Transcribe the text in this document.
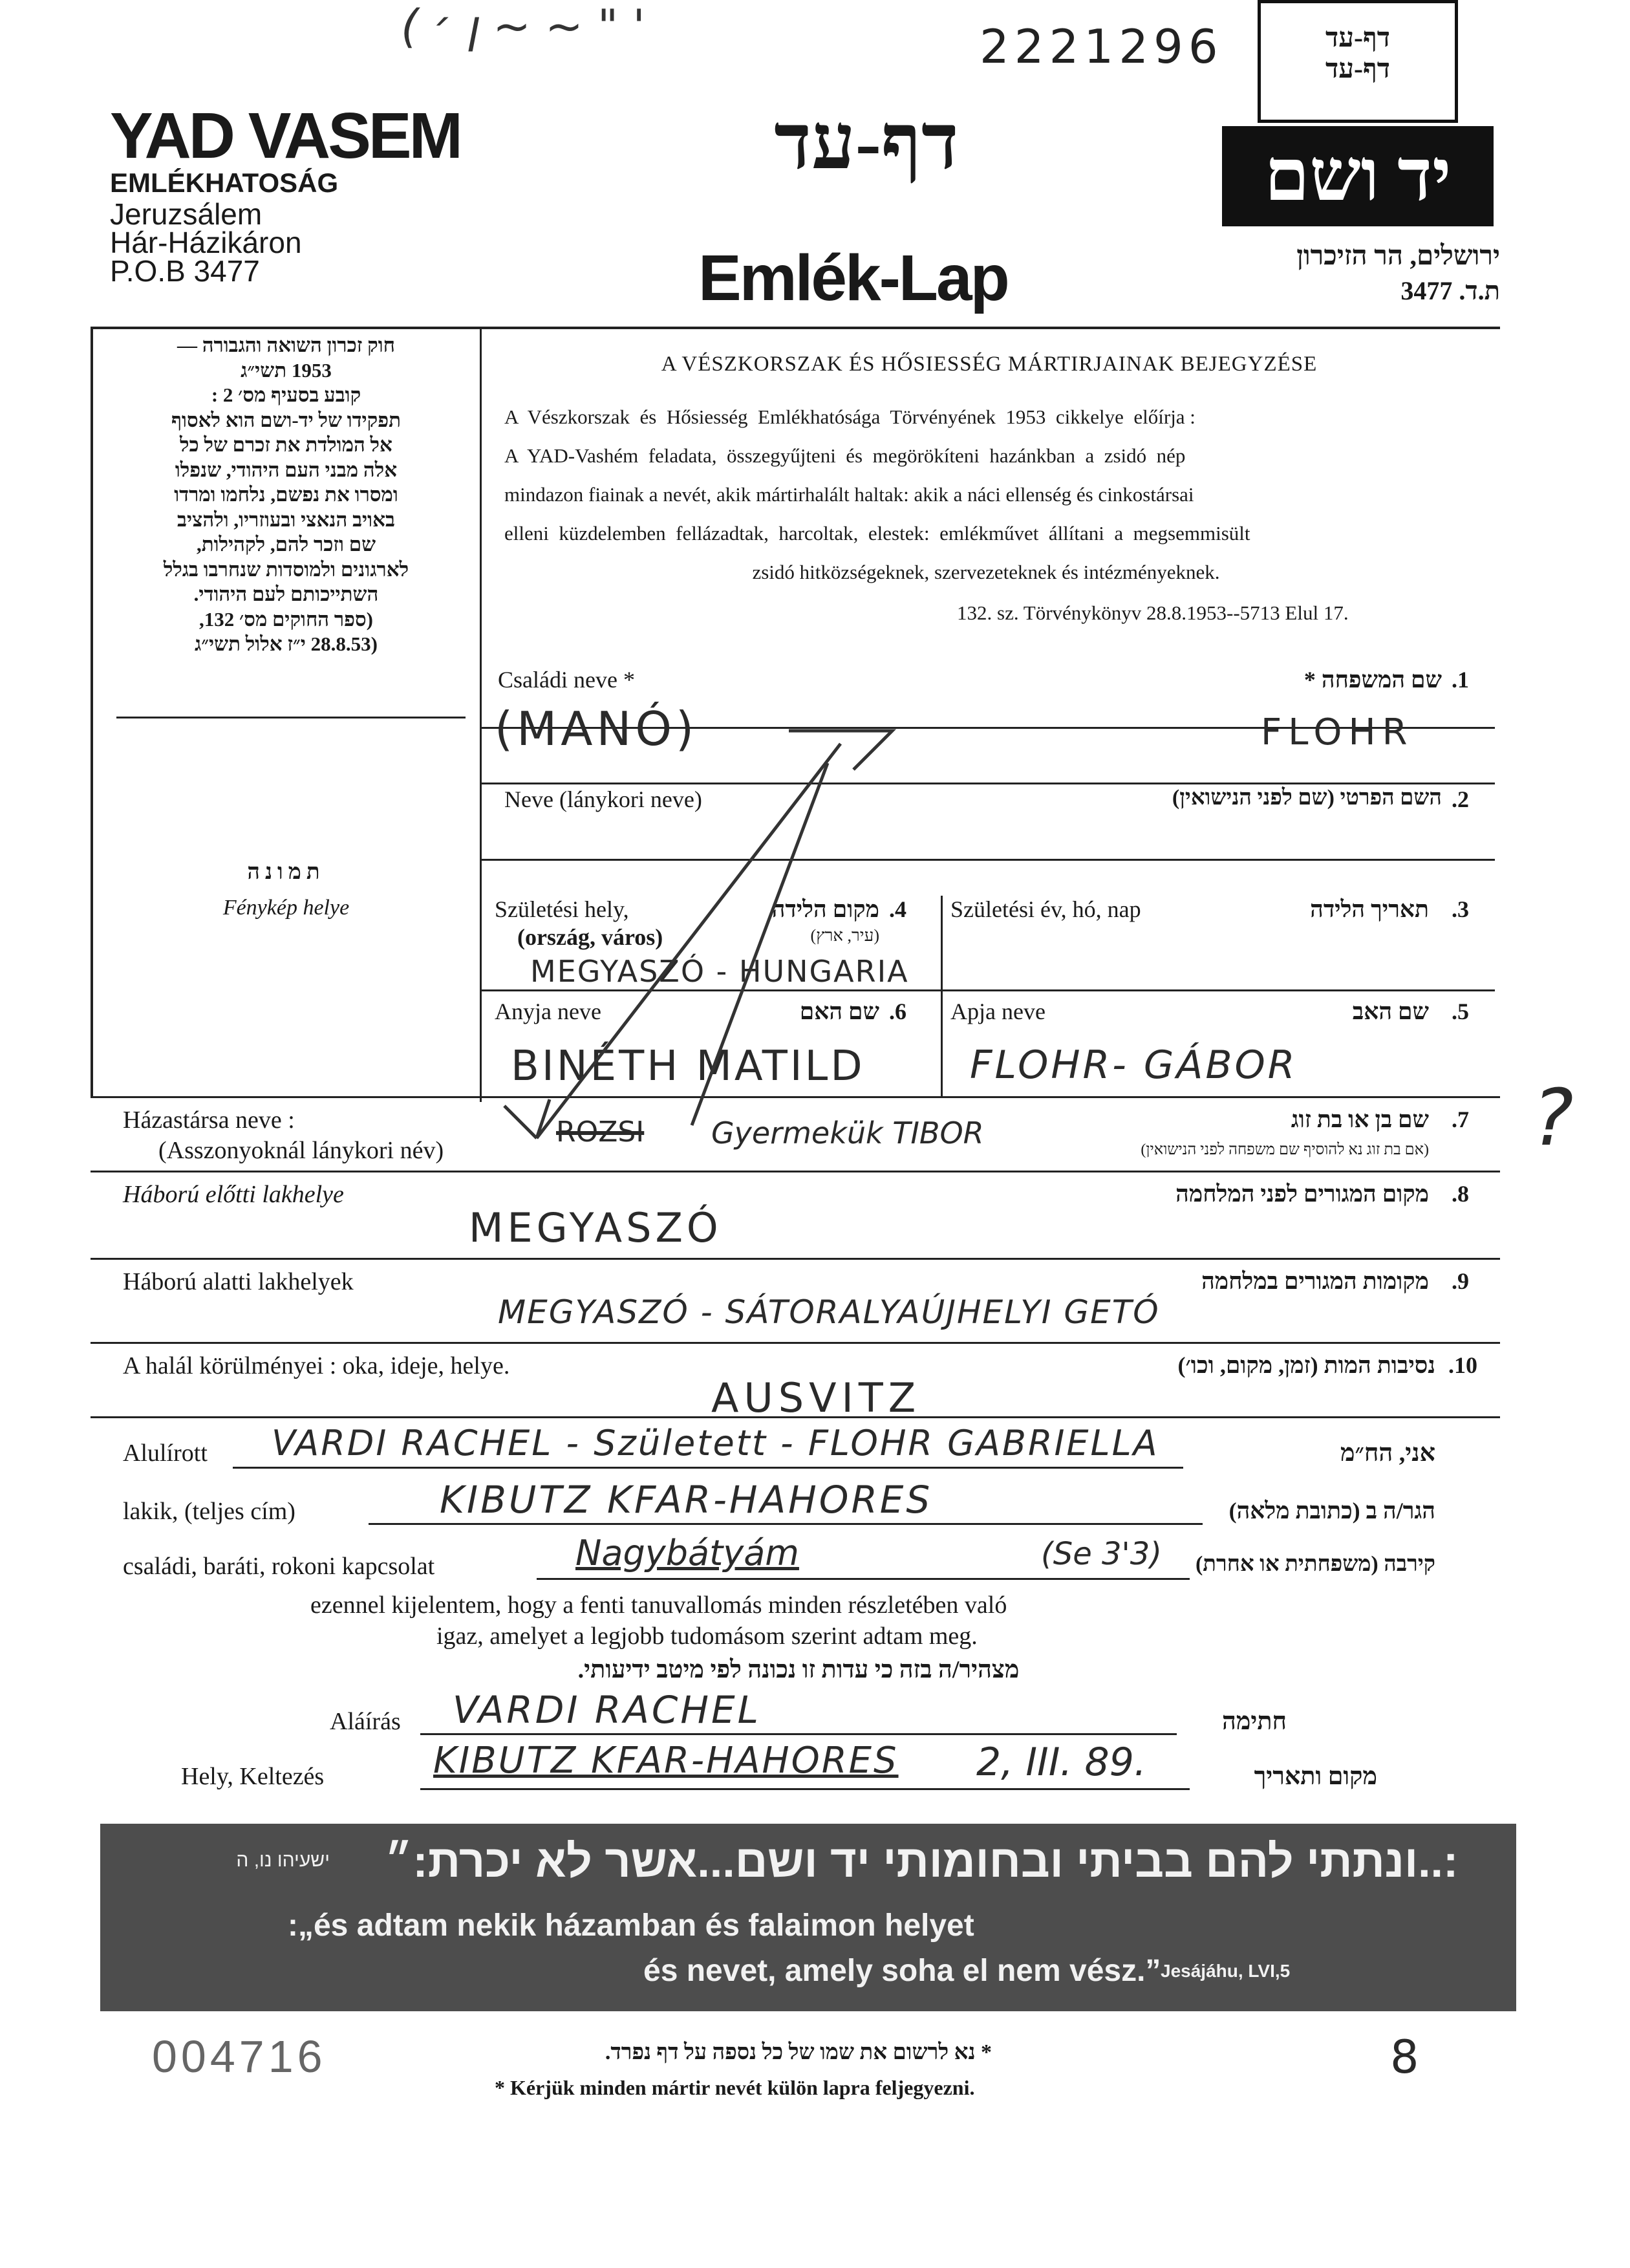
( ן ׳ ~ ~ " '	2221296	דף-עד
דף-עד
YAD VASEM
EMLÉKHATOSÁG
Jeruzsálem
Hár-Házikáron
P.O.B 3477
דף-עד
Emlék-Lap
יד ושם
ירושלים, הר הזיכרון
ת.ד. 3477
חוק זכרון השואה והגבורה —
1953 תשי״ג
קובע בסעיף מס׳ 2 :
תפקידו של יד-ושם הוא לאסוף
אל המולדת את זכרם של כל
אלה מבני העם היהודי, שנפלו
ומסרו את נפשם, נלחמו ומרדו
באויב הנאצי ובעוזריו, ולהציב
שם וזכר להם, לקהילות,
לארגונים ולמוסדות שנחרבו בגלל
השתייכותם לעם היהודי.
(ספר החוקים מס׳ 132,
(28.8.53 י״ז אלול תשי״ג
תמונה
Fénykép helye
A VÉSZKORSZAK ÉS HŐSIESSÉG MÁRTIRJAINAK BEJEGYZÉSE
A  Vészkorszak  és  Hősiesség  Emlékhatósága  Törvényének  1953  cikkelye  előírja :
A  YAD-Vashém  feladata,  összegyűjteni  és  megörökíteni  hazánkban  a  zsidó  nép
mindazon fiainak a nevét, akik mártirhalált haltak: akik a náci ellenség és cinkostársai
elleni  küzdelemben  fellázadtak,  harcoltak,  elestek:  emlékművet  állítani  a  megsemmisült
zsidó hitközségeknek, szervezeteknek és intézményeknek.
132. sz. Törvénykönyv 28.8.1953--5713 Elul 17.
Családi neve *	שם המשפחה * .1
(MANÓ)	FLOHR
Neve (lánykori neve)	השם הפרטי (שם לפני הנישואין) .2
Születési hely,
(ország, város)
מקום הלידה
(עיר, ארץ)
.4
MEGYASZÓ - HUNGARIA
Születési év, hó, nap	תאריך הלידה .3
Anyja neve	שם האם .6
BINÉTH MATILD
Apja neve	שם האב .5
FLOHR- GÁBOR
Házastársa neve :
(Asszonyoknál lánykori név)
ROZSI Gyermekük TIBOR	שם בן או בת זוג
(אם בת זוג נא להוסיף שם משפחה לפני הנישואין)
.7
Háború előtti lakhelye	מקום המגורים לפני המלחמה .8
MEGYASZÓ
Háború alatti lakhelyek	מקומות המגורים במלחמה .9
MEGYASZÓ - SÁTORALYAÚJHELYI GETÓ
A halál körülményei : oka, ideje, helye.	נסיבות המות (זמן, מקום, וכו׳) .10
AUSVITZ
Alulírott VARDI RACHEL - Született - FLOHR GABRIELLA	אני, הח״מ
lakik, (teljes cím)	KIBUTZ KFAR-HAHORES	הגר/ה ב (כתובת מלאה)
családi, baráti, rokoni kapcsolat	Nagybátyám	(Se 3'3)	קירבה (משפחתית או אחרת)
ezennel kijelentem, hogy a fenti tanuvallomás minden részletében való
igaz, amelyet a legjobb tudomásom szerint adtam meg.
מצהיר/ה בזה כי עדות זו נכונה לפי מיטב ידיעותי.
Aláírás VARDI RACHEL	חתימה
Hely, Keltezés	KIBUTZ KFAR-HAHORES 2, III. 89.	מקום ותאריך
:..ונתתי להם בביתי ובחומותי יד ושם...אשר לא יכרת:״
ישעיהו נו, ה
:„és adtam nekik házamban és falaimon helyet
és nevet, amely soha el nem vész.” Jesájáhu, LVI,5
004716	* נא לרשום את שמו של כל נספה על דף נפרד.
* Kérjük minden mártir nevét külön lapra feljegyezni.
8
?
